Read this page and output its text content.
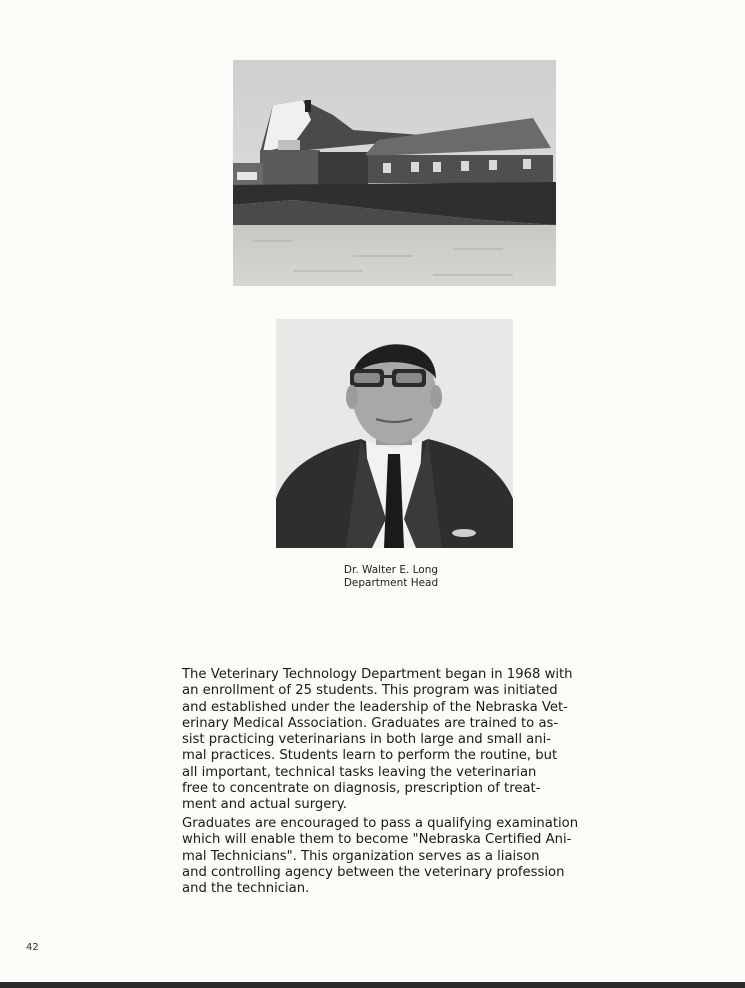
Dr. Walter E. Long
Department Head
The Veterinary Technology Department began in 1968 with
an enrollment of 25 students. This program was initiated
and established under the leadership of the Nebraska Vet-
erinary Medical Association. Graduates are trained to as-
sist practicing veterinarians in both large and small ani-
mal practices. Students learn to perform the routine, but
all important, technical tasks leaving the veterinarian
free to concentrate on diagnosis, prescription of treat-
ment and actual surgery.
Graduates are encouraged to pass a qualifying examination
which will enable them to become "Nebraska Certified Ani-
mal Technicians". This organization serves as a liaison
and controlling agency between the veterinary profession
and the technician.
42
